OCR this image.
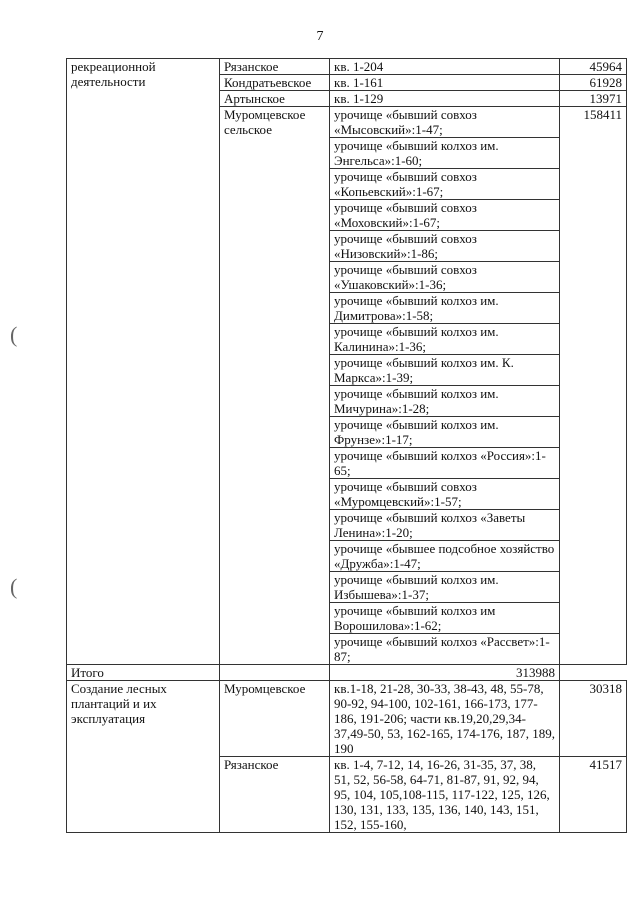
7
(
(
рекреационной деятельности	Рязанское	кв. 1-204	45964
	Кондратьевское	кв. 1-161	61928
	Артынское	кв. 1-129	13971
	Муромцевское сельское	урочище «бывший совхоз «Мысовский»:1-47;	158411
		урочище «бывший колхоз им. Энгельса»:1-60;	
		урочище «бывший совхоз «Копьевский»:1-67;	
		урочище «бывший совхоз «Моховский»:1-67;	
		урочище «бывший совхоз «Низовский»:1-86;	
		урочище «бывший совхоз «Ушаковский»:1-36;	
		урочище «бывший колхоз им. Димитрова»:1-58;	
		урочище «бывший колхоз им. Калинина»:1-36;	
		урочище «бывший колхоз им. К. Маркса»:1-39;	
		урочище «бывший колхоз им. Мичурина»:1-28;	
		урочище «бывший колхоз им. Фрунзе»:1-17;	
		урочище «бывший колхоз «Россия»:1-65;	
		урочище «бывший совхоз «Муромцевский»:1-57;	
		урочище «бывший колхоз «Заветы Ленина»:1-20;	
		урочище «бывшее подсобное хозяйство «Дружба»:1-47;	
		урочище «бывший колхоз им. Избышева»:1-37;	
		урочище «бывший колхоз им Ворошилова»:1-62;	
		урочище «бывший колхоз «Рассвет»:1-87;	
Итого		313988	
Создание лесных плантаций и их эксплуатация	Муромцевское	кв.1-18, 21-28, 30-33, 38-43, 48, 55-78, 90-92, 94-100, 102-161, 166-173, 177-186, 191-206; части кв.19,20,29,34-37,49-50, 53, 162-165, 174-176, 187, 189, 190	30318
	Рязанское	кв. 1-4, 7-12, 14, 16-26, 31-35, 37, 38, 51, 52, 56-58, 64-71, 81-87, 91, 92, 94, 95, 104, 105,108-115, 117-122, 125, 126, 130, 131, 133, 135, 136, 140, 143, 151, 152, 155-160,	41517
